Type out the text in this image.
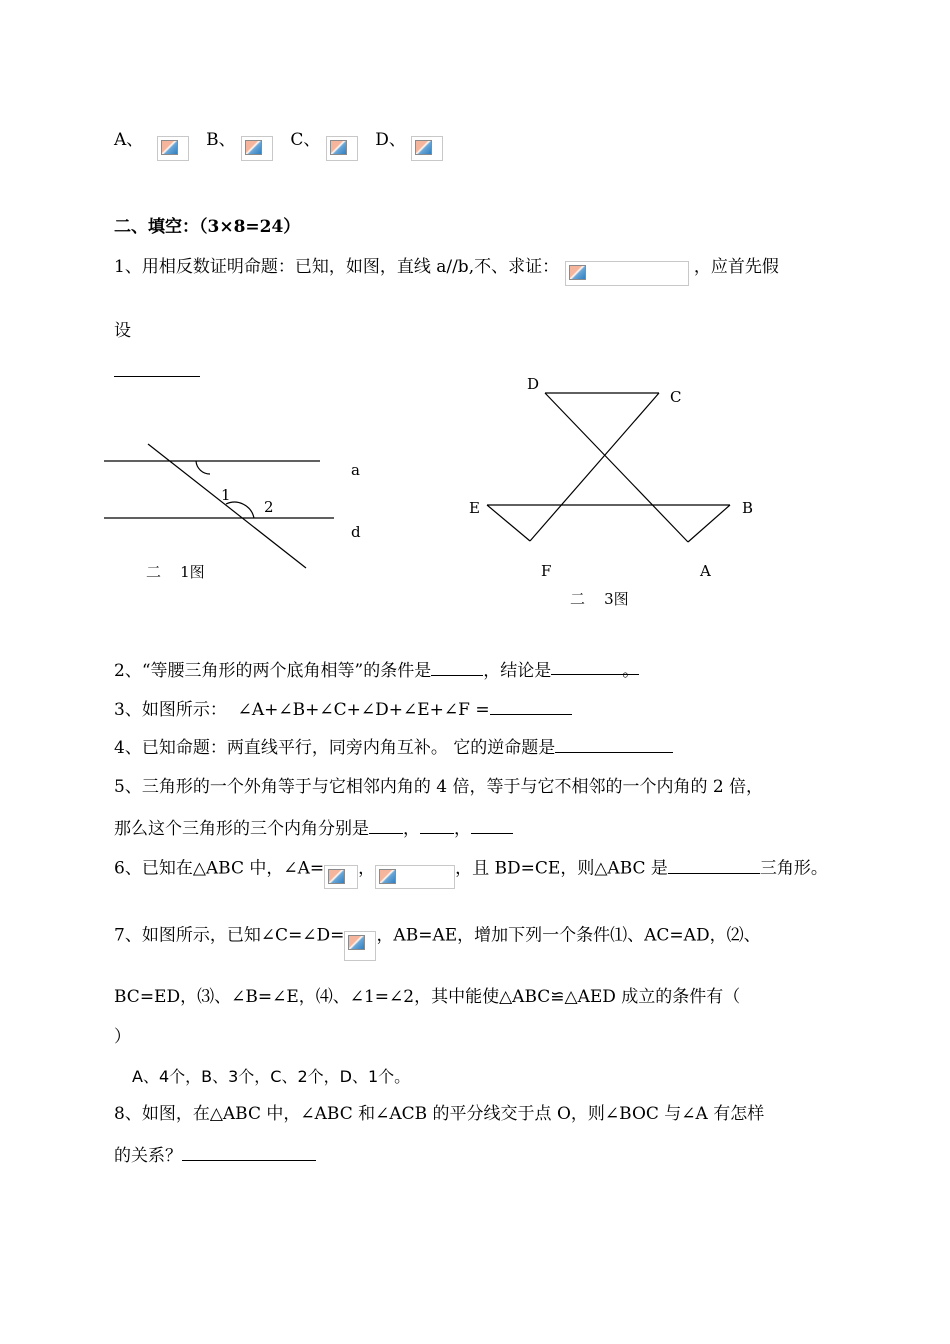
A、	B、	C、	D、
二、填空：（3×8=24）
1、用相反数证明命题：已知，如图，直线 a//b,不、求证：	，应首先假
设
a
d
1
2
二    1图
D
C
E	B
F	A
二    3图
2、“等腰三角形的两个底角相等”的条件是	，结论是	。
3、如图所示：  ∠A+∠B+∠C+∠D+∠E+∠F =
4、已知命题：两直线平行，同旁内角互补。 它的逆命题是
5、三角形的一个外角等于与它相邻内角的 4 倍，等于与它不相邻的一个内角的 2 倍，
那么这个三角形的三个内角分别是 ， ，
6、已知在△ABC 中，∠A= ，	，且 BD=CE，则△ABC 是	三角形。
7、如图所示，已知∠C=∠D= ，AB=AE，增加下列一个条件⑴、AC=AD，⑵、
BC=ED，⑶、∠B=∠E，⑷、∠1=∠2，其中能使△ABC≌△AED 成立的条件有（
）
A、4个，B、3个，C、2个，D、1个。
8、如图，在△ABC 中，∠ABC 和∠ACB 的平分线交于点 O，则∠BOC 与∠A 有怎样
的关系？
